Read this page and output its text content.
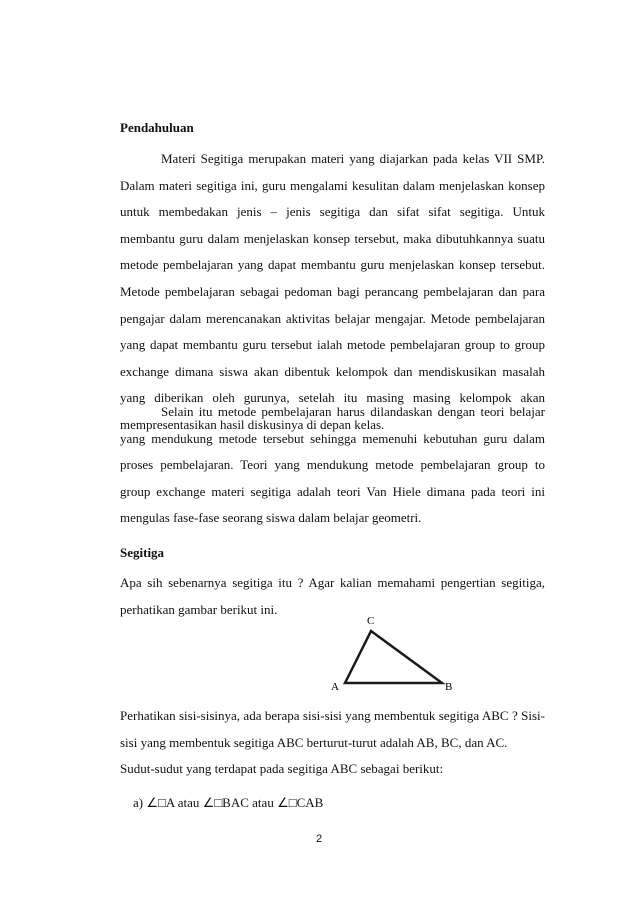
Pendahuluan

Materi Segitiga merupakan materi yang diajarkan pada kelas VII SMP. Dalam materi segitiga ini, guru mengalami kesulitan dalam menjelaskan konsep untuk membedakan jenis – jenis segitiga dan sifat sifat segitiga. Untuk membantu guru dalam menjelaskan konsep tersebut, maka dibutuhkannya suatu metode pembelajaran yang dapat membantu guru menjelaskan konsep tersebut. Metode pembelajaran sebagai pedoman bagi perancang pembelajaran dan para pengajar dalam merencanakan aktivitas belajar mengajar. Metode pembelajaran yang dapat membantu guru tersebut ialah metode pembelajaran group to group exchange dimana siswa akan dibentuk kelompok dan mendiskusikan masalah yang diberikan oleh gurunya, setelah itu masing masing kelompok akan mempresentasikan hasil diskusinya di depan kelas.

Selain itu metode pembelajaran harus dilandaskan dengan teori belajar yang mendukung metode tersebut sehingga memenuhi kebutuhan guru dalam proses pembelajaran. Teori yang mendukung metode pembelajaran group to group exchange materi segitiga adalah teori Van Hiele dimana pada teori ini mengulas fase-fase seorang siswa dalam belajar geometri.

Segitiga

Apa sih sebenarnya segitiga itu ? Agar kalian memahami pengertian segitiga, perhatikan gambar berikut ini.

C
A	B

Perhatikan sisi-sisinya, ada berapa sisi-sisi yang membentuk segitiga ABC ? Sisi-sisi yang membentuk segitiga ABC berturut-turut adalah AB, BC, dan AC.

Sudut-sudut yang terdapat pada segitiga ABC sebagai berikut:

a) ∠□A atau ∠□BAC atau ∠□CAB
2
